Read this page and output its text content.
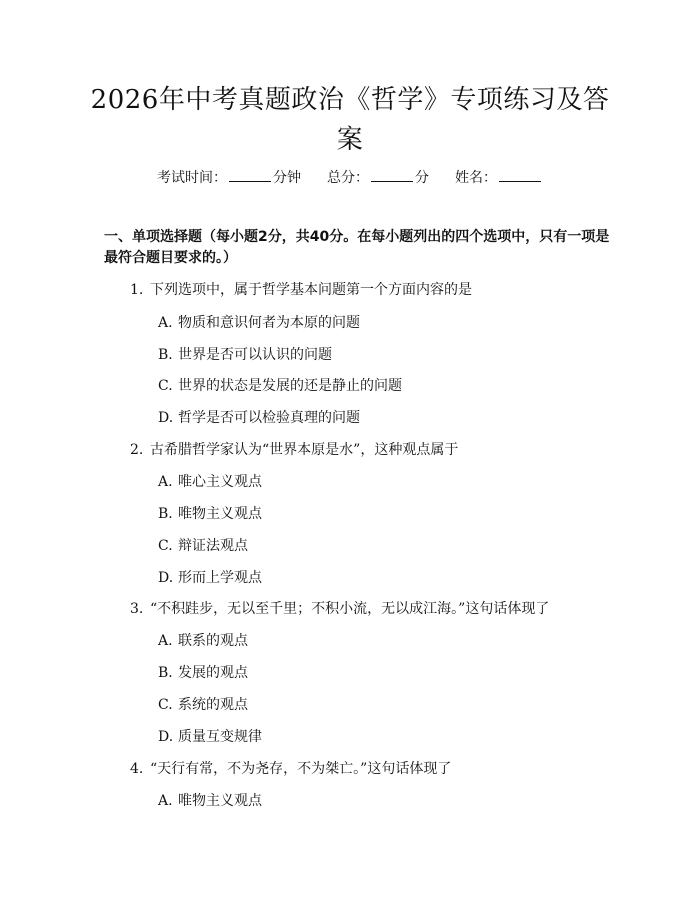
2026年中考真题政治《哲学》专项练习及答案
考试时间：	分钟 总分：	分 姓名：
一、单项选择题（每小题2分，共40分。在每小题列出的四个选项中，只有一项是最符合题目要求的。）
1. 下列选项中，属于哲学基本问题第一个方面内容的是
A. 物质和意识何者为本原的问题
B. 世界是否可以认识的问题
C. 世界的状态是发展的还是静止的问题
D. 哲学是否可以检验真理的问题
2. 古希腊哲学家认为“世界本原是水”，这种观点属于
A. 唯心主义观点
B. 唯物主义观点
C. 辩证法观点
D. 形而上学观点
3. “不积跬步，无以至千里；不积小流，无以成江海。”这句话体现了
A. 联系的观点
B. 发展的观点
C. 系统的观点
D. 质量互变规律
4. “天行有常，不为尧存，不为桀亡。”这句话体现了
A. 唯物主义观点
